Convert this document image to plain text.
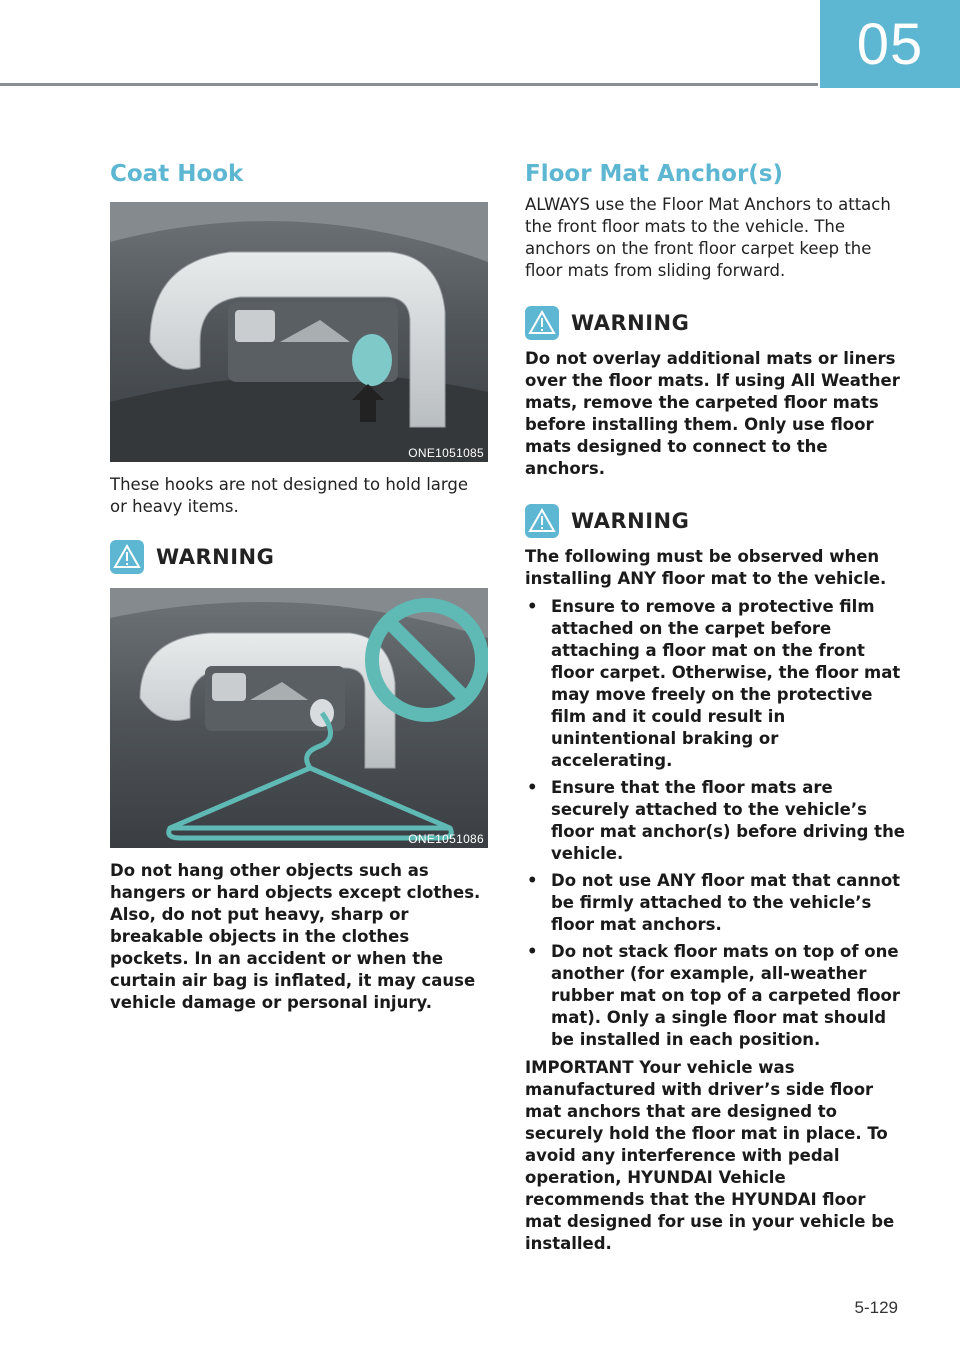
05
Coat Hook
ONE1051085

These hooks are not designed to hold large or heavy items.

WARNING
ONE1051086

Do not hang other objects such as hangers or hard objects except clothes. Also, do not put heavy, sharp or breakable objects in the clothes pockets. In an accident or when the curtain air bag is inflated, it may cause vehicle damage or personal injury.

Floor Mat Anchor(s)

ALWAYS use the Floor Mat Anchors to attach the front floor mats to the vehicle. The anchors on the front floor carpet keep the floor mats from sliding forward.

WARNING

Do not overlay additional mats or liners over the floor mats. If using All Weather mats, remove the carpeted floor mats before installing them. Only use floor mats designed to connect to the anchors.

WARNING

The following must be observed when installing ANY floor mat to the vehicle.

• Ensure to remove a protective film attached on the carpet before attaching a floor mat on the front floor carpet. Otherwise, the floor mat may move freely on the protective film and it could result in unintentional braking or accelerating.
• Ensure that the floor mats are securely attached to the vehicle’s floor mat anchor(s) before driving the vehicle.
• Do not use ANY floor mat that cannot be firmly attached to the vehicle’s floor mat anchors.
• Do not stack floor mats on top of one another (for example, all-weather rubber mat on top of a carpeted floor mat). Only a single floor mat should be installed in each position.

IMPORTANT Your vehicle was manufactured with driver’s side floor mat anchors that are designed to securely hold the floor mat in place. To avoid any interference with pedal operation, HYUNDAI Vehicle recommends that the HYUNDAI floor mat designed for use in your vehicle be installed.

5-129
